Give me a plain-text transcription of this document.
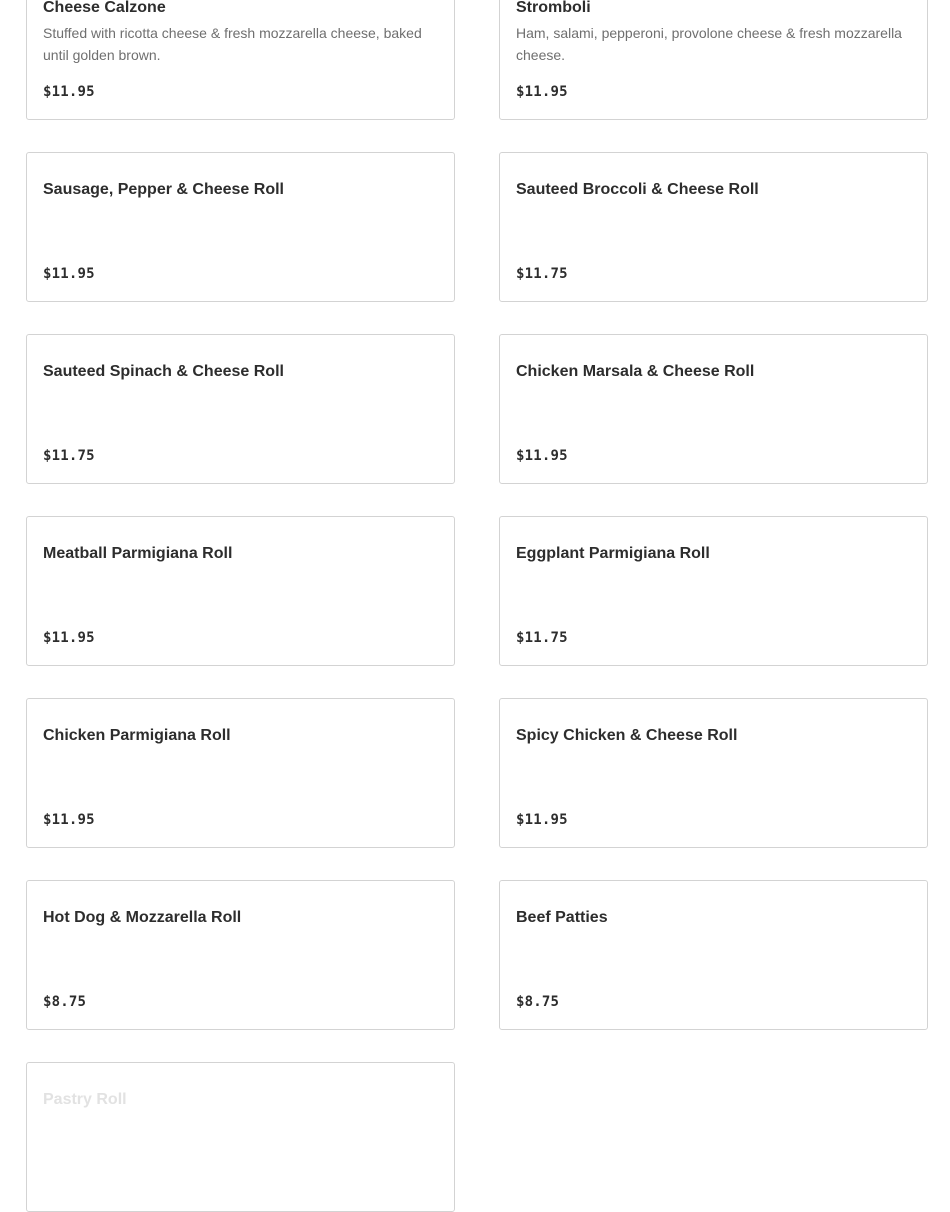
Cheese Calzone

Stuffed with ricotta cheese & fresh mozzarella cheese, baked until golden brown.

$11.95

Stromboli

Ham, salami, pepperoni, provolone cheese & fresh mozzarella cheese.

$11.95

Sausage, Pepper & Cheese Roll

$11.95

Sauteed Broccoli & Cheese Roll

$11.75

Sauteed Spinach & Cheese Roll

$11.75

Chicken Marsala & Cheese Roll

$11.95

Meatball Parmigiana Roll

$11.95

Eggplant Parmigiana Roll

$11.75

Chicken Parmigiana Roll

$11.95

Spicy Chicken & Cheese Roll

$11.95

Hot Dog & Mozzarella Roll

$8.75

Beef Patties

$8.75

Pastry Roll
